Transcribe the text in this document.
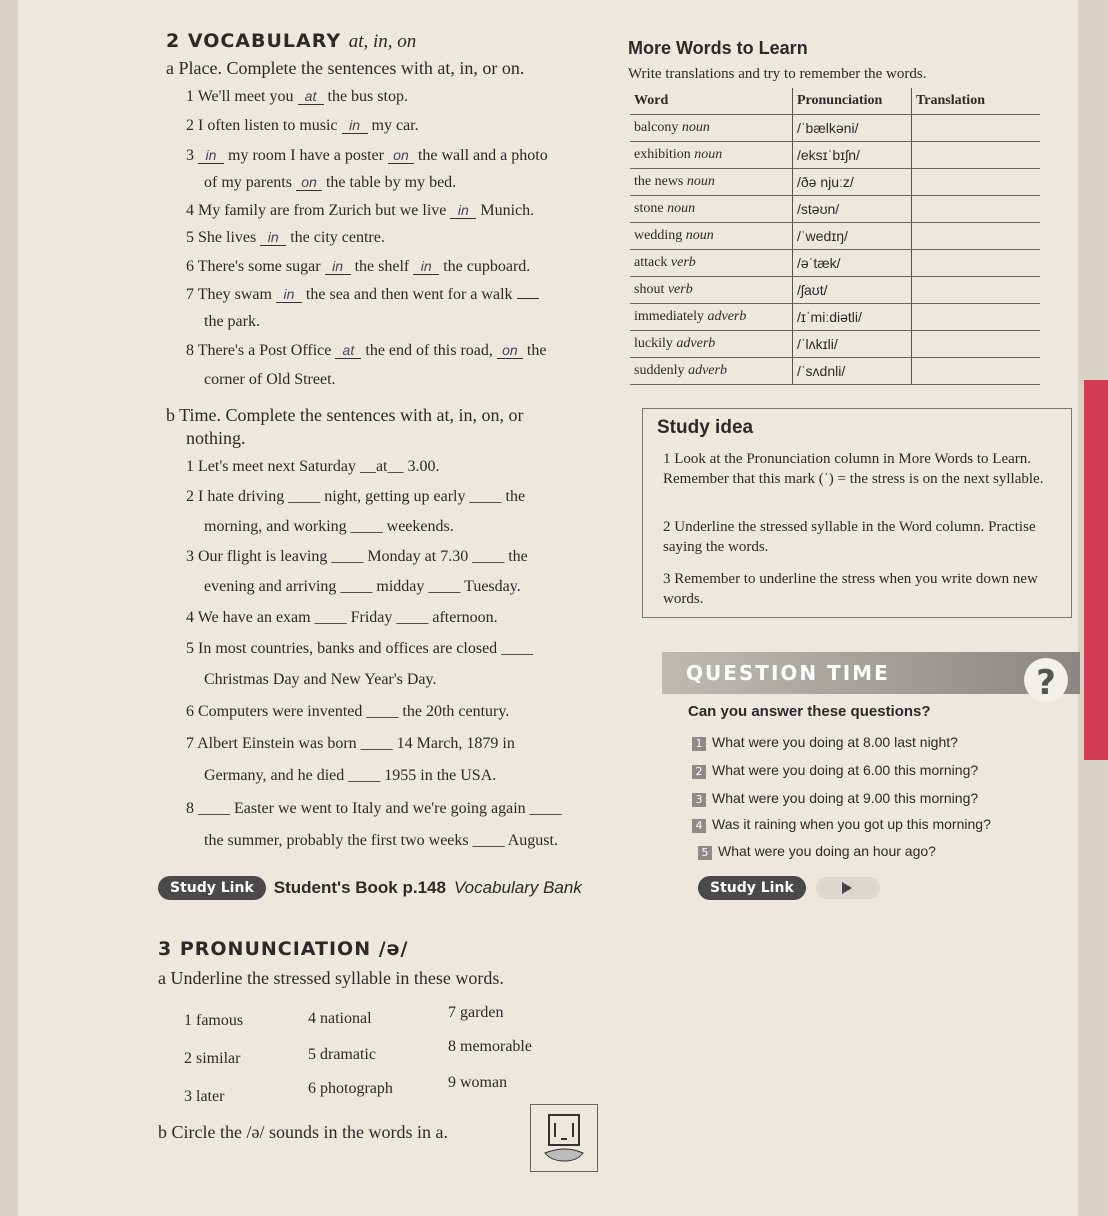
2 VOCABULARY at, in, on
a Place. Complete the sentences with at, in, or on.
1 We'll meet you at the bus stop.
2 I often listen to music in my car.
3 in my room I have a poster on the wall and a photo
of my parents on the table by my bed.
4 My family are from Zurich but we live in Munich.
5 She lives in the city centre.
6 There's some sugar in the shelf in the cupboard.
7 They swam in the sea and then went for a walk
the park.
8 There's a Post Office at the end of this road, on the
corner of Old Street.
b Time. Complete the sentences with at, in, on, or
nothing.
1 Let's meet next Saturday __at__ 3.00.
2 I hate driving ____ night, getting up early ____ the
morning, and working ____ weekends.
3 Our flight is leaving ____ Monday at 7.30 ____ the
evening and arriving ____ midday ____ Tuesday.
4 We have an exam ____ Friday ____ afternoon.
5 In most countries, banks and offices are closed ____
Christmas Day and New Year's Day.
6 Computers were invented ____ the 20th century.
7 Albert Einstein was born ____ 14 March, 1879 in
Germany, and he died ____ 1955 in the USA.
8 ____ Easter we went to Italy and we're going again ____
the summer, probably the first two weeks ____ August.
Study Link	Student's Book p.148 Vocabulary Bank
3 PRONUNCIATION /ə/
a Underline the stressed syllable in these words.
1 famous	4 national	7 garden
2 similar	5 dramatic	8 memorable
3 later	6 photograph	9 woman
b Circle the /ə/ sounds in the words in a.
More Words to Learn
Write translations and try to remember the words.
Word	Pronunciation	Translation
balcony noun	/ˈbælkəni/	
exhibition noun	/eksɪˈbɪʃn/	
the news noun	/ðə njuːz/	
stone noun	/stəʊn/	
wedding noun	/ˈwedɪŋ/	
attack verb	/əˈtæk/	
shout verb	/ʃaʊt/	
immediately adverb	/ɪˈmiːdiətli/	
luckily adverb	/ˈlʌkɪli/	
suddenly adverb	/ˈsʌdnli/	
Study idea
1 Look at the Pronunciation column in More Words to Learn. Remember that this mark (ˈ) = the stress is on the next syllable.
2 Underline the stressed syllable in the Word column. Practise saying the words.
3 Remember to underline the stress when you write down new words.
QUESTION TIME	?
Can you answer these questions?
1 What were you doing at 8.00 last night?
2 What were you doing at 6.00 this morning?
3 What were you doing at 9.00 this morning?
4 Was it raining when you got up this morning?
5 What were you doing an hour ago?
Study Link
